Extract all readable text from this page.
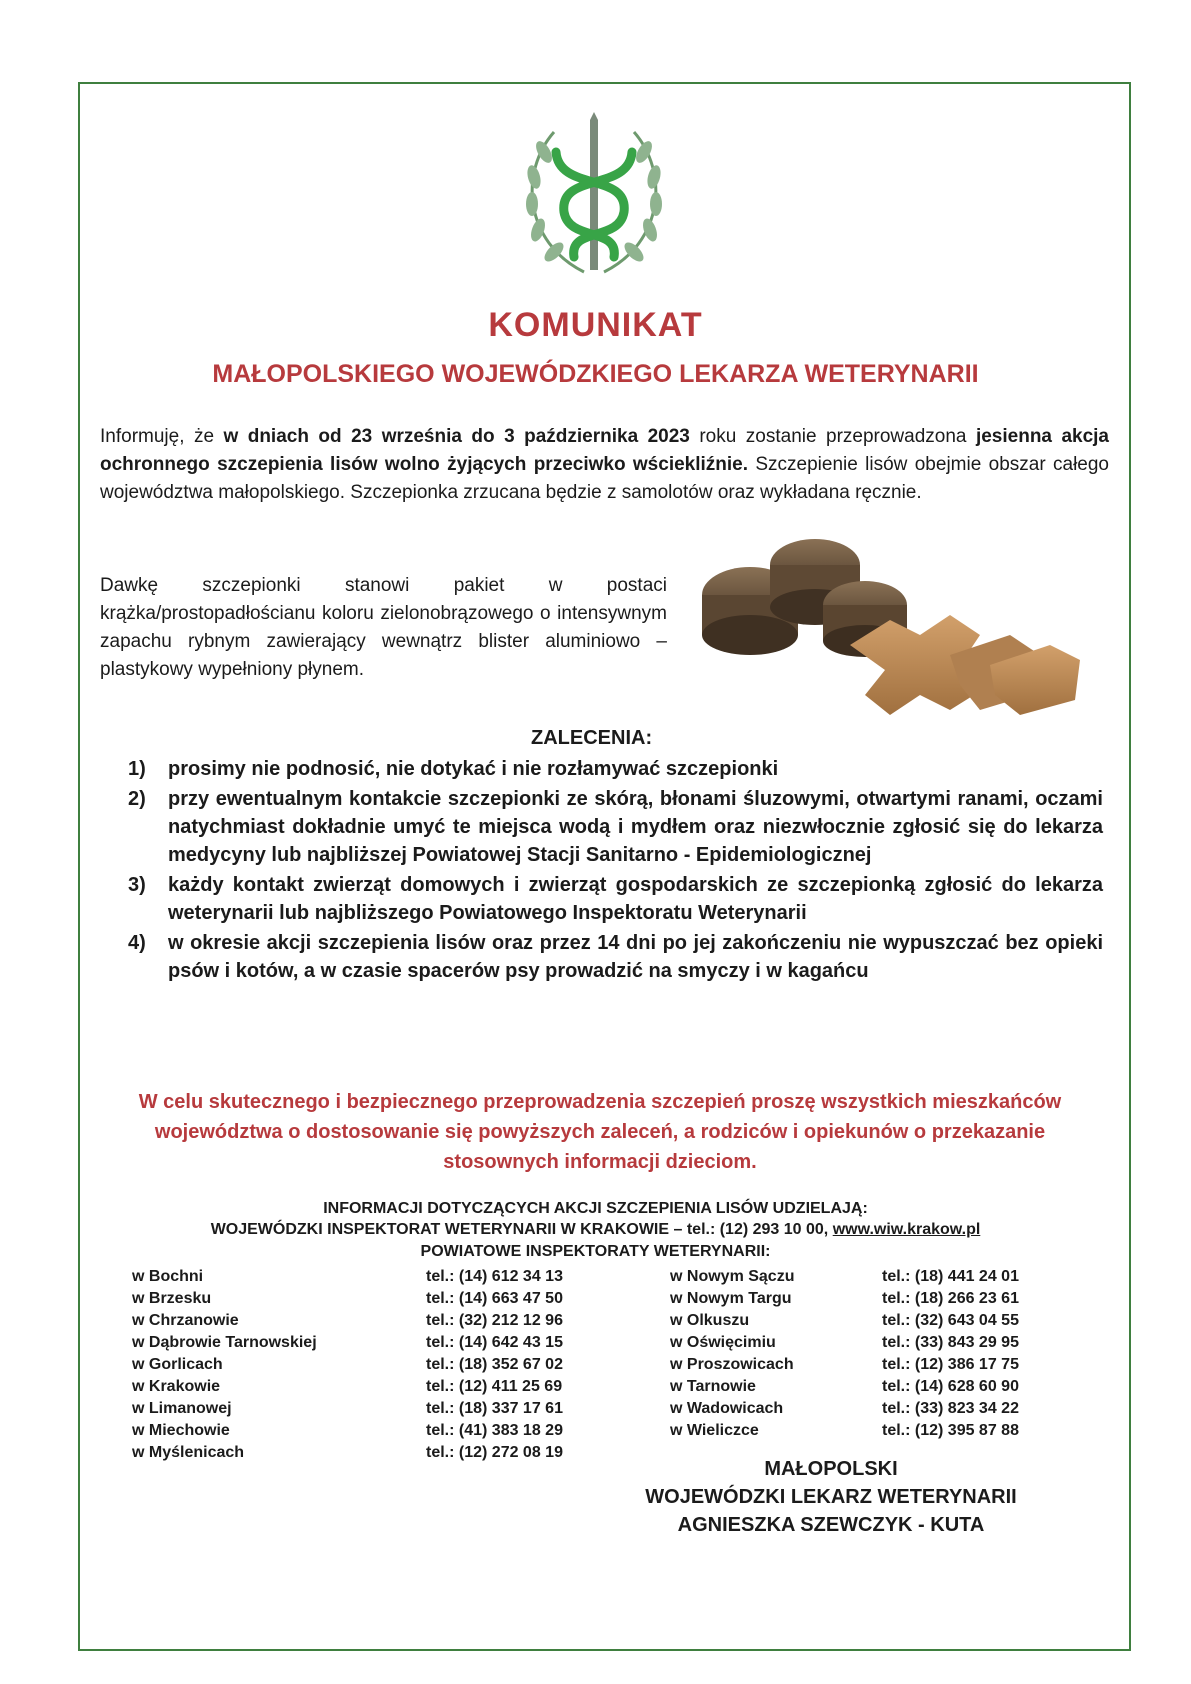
KOMUNIKAT
MAŁOPOLSKIEGO WOJEWÓDZKIEGO LEKARZA WETERYNARII
Informuję, że w dniach od 23 września do 3 października 2023 roku zostanie przeprowadzona jesienna akcja ochronnego szczepienia lisów wolno żyjących przeciwko wściekliźnie. Szczepienie lisów obejmie obszar całego województwa małopolskiego. Szczepionka zrzucana będzie z samolotów oraz wykładana ręcznie.
Dawkę szczepionki stanowi pakiet w postaci krążka/prostopadłościanu koloru zielonobrązowego o intensywnym zapachu rybnym zawierający wewnątrz blister aluminiowo – plastykowy wypełniony płynem.
ZALECENIA:
1) prosimy nie podnosić, nie dotykać i nie rozłamywać szczepionki
2) przy ewentualnym kontakcie szczepionki ze skórą, błonami śluzowymi, otwartymi ranami, oczami natychmiast dokładnie umyć te miejsca wodą i mydłem oraz niezwłocznie zgłosić się do lekarza medycyny lub najbliższej Powiatowej Stacji Sanitarno - Epidemiologicznej
3) każdy kontakt zwierząt domowych i zwierząt gospodarskich ze szczepionką zgłosić do lekarza weterynarii lub najbliższego Powiatowego Inspektoratu Weterynarii
4) w okresie akcji szczepienia lisów oraz przez 14 dni po jej zakończeniu nie wypuszczać bez opieki psów i kotów, a w czasie spacerów psy prowadzić na smyczy i w kagańcu
W celu skutecznego i bezpiecznego przeprowadzenia szczepień proszę wszystkich mieszkańców województwa o dostosowanie się powyższych zaleceń, a rodziców i opiekunów o przekazanie stosownych informacji dzieciom.
INFORMACJI DOTYCZĄCYCH AKCJI SZCZEPIENIA LISÓW UDZIELAJĄ:
WOJEWÓDZKI INSPEKTORAT WETERYNARII W KRAKOWIE – tel.: (12) 293 10 00, www.wiw.krakow.pl
POWIATOWE INSPEKTORATY WETERYNARII:
w Bochni
w Brzesku
w Chrzanowie
w Dąbrowie Tarnowskiej
w Gorlicach
w Krakowie
w Limanowej
w Miechowie
w Myślenicach
tel.: (14) 612 34 13
tel.: (14) 663 47 50
tel.: (32) 212 12 96
tel.: (14) 642 43 15
tel.: (18) 352 67 02
tel.: (12) 411 25 69
tel.: (18) 337 17 61
tel.: (41) 383 18 29
tel.: (12) 272 08 19
w Nowym Sączu
w Nowym Targu
w Olkuszu
w Oświęcimiu
w Proszowicach
w Tarnowie
w Wadowicach
w Wieliczce
tel.: (18) 441 24 01
tel.: (18) 266 23 61
tel.: (32) 643 04 55
tel.: (33) 843 29 95
tel.: (12) 386 17 75
tel.: (14) 628 60 90
tel.: (33) 823 34 22
tel.: (12) 395 87 88
MAŁOPOLSKI
WOJEWÓDZKI LEKARZ WETERYNARII
AGNIESZKA SZEWCZYK - KUTA
